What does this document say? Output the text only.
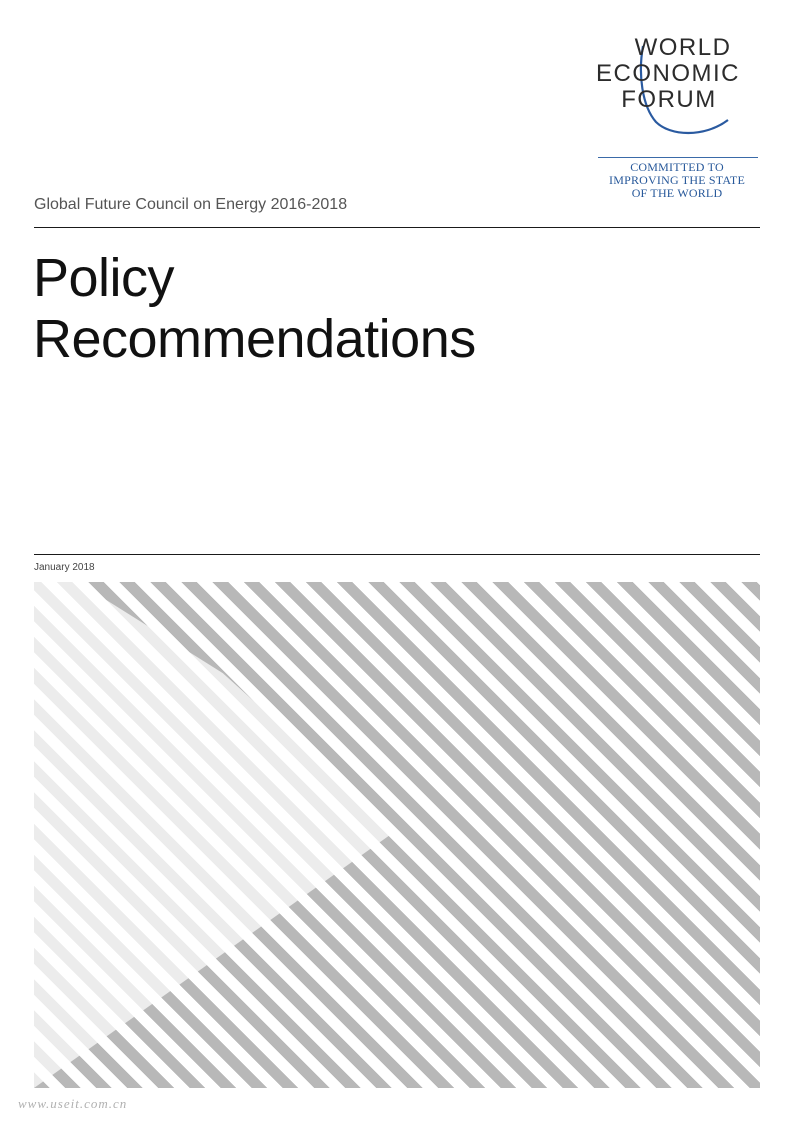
WORLD
ECONOMIC
FORUM
COMMITTED TO
IMPROVING THE STATE
OF THE WORLD
Global Future Council on Energy 2016-2018
Policy
Recommendations
January 2018
www.useit.com.cn
